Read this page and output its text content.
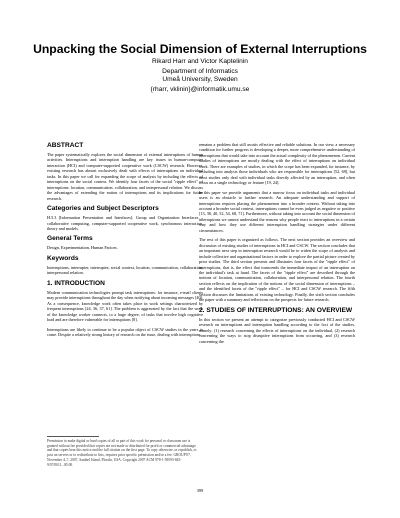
Unpacking the Social Dimension of External Interruptions
Rikard Harr and Victor Kaptelinin
Department of Informatics
Umeå University, Sweden
{rharr, vklinin}@informatik.umu.se
ABSTRACT

The paper systematically explores the social dimension of external interruptions of human activities. Interruptions and interruption handling are key issues in human-computer interaction (HCI) and computer-supported cooperative work (CSCW) research. However, existing research has almost exclusively dealt with effects of interruptions on individual tasks. In this paper we call for expanding the scope of analysis by including the effects of interruptions on the social context. We identify four facets of the social "ripple effect" of interruptions: location, communication, collaboration, and interpersonal relation. We discuss the advantages of extending the notion of interruptions and its implications for future research.

Categories and Subject Descriptors

H.5.3 [Information Presentation and Interfaces]: Group and Organization Interfaces – collaborative computing, computer-supported cooperative work, synchronous interaction, theory and models.

General Terms

Design, Experimentation, Human Factors.

Keywords

Interruptions, interrupter, interruptee, social context, location, communication, collaboration, interpersonal relation.

1. INTRODUCTION

Modern communication technologies prompt task interruptions: for instance, e-mail clients may provide interruptions throughout the day when notifying about incoming messages [40]. As a consequence, knowledge work often takes place in work settings characterized by frequent interruptions [24, 36, 37, 61]. The problem is aggravated by the fact that the work of the knowledge worker connects, to a large degree, of tasks that involve high cognitive load and are therefore vulnerable for interruptions [8].

Interruptions are likely to continue to be a popular object of CSCW studies in the years to come. Despite a relatively strong history of research on the issue, dealing with interruptions

Permission to make digital or hard copies of all or part of this work for personal or classroom use is granted without fee provided that copies are not made or distributed for profit or commercial advantage and that copies bear this notice and the full citation on the first page. To copy otherwise, or republish, to post on servers or to redistribute to lists, requires prior specific permission and/or a fee. GROUP'07, November 4–7, 2007, Sanibel Island, Florida, USA. Copyright 2007 ACM 978-1-59593-845-9/07/0011...$5.00.

remains a problem that still awaits effective and reliable solutions. In our view, a necessary condition for further progress is developing a deeper, more comprehensive understanding of interruptions that would take into account the actual complexity of the phenomenon. Current studies of interruptions are mostly dealing with the effect of interruptions on individual work. There are examples of studies, in which the scope has been expanded, for instance, by including into analysis those individuals who are responsible for interruptions [52, 69], but most studies only deal with individual tasks directly affected by an interruption, and often focus on a single technology or feature [19, 24].

In this paper we provide arguments that a narrow focus on individual tasks and individual users is an obstacle to further research. An adequate understanding and support of interruptions requires placing the phenomenon into a broader context. Without taking into account a broader social context, interruptions cannot be even judged as negative or positive [13, 38, 40, 52, 54, 68, 71]. Furthermore, without taking into account the social dimension of interruptions we cannot understand the reasons why people react to interruptions in a certain way and how they use different interruption handling strategies under different circumstances.

The rest of this paper is organized as follows. The next section provides an overview and discussion of existing studies of interruptions in HCI and CSCW. The section concludes that an important next step in interruption research would be to widen the scope of analysis and include collective and organizational factors in order to explore the partial picture created by prior studies. The third section presents and illustrates four facets of the "ripple effect" of interruptions, that is, the effect that transcends the immediate impact of an interruption on the individual's task at hand. The facets of the "ripple effect" are described through the notions of location, communication, collaboration, and interpersonal relation. The fourth section reflects on the implication of the notions of the social dimension of interruptions – and the identified facets of the "ripple effect" – for HCI and CSCW research. The fifth section discusses the limitations of existing technology. Finally, the sixth section concludes the paper with a summary and reflections on the prospects for future research.

2. STUDIES OF INTERRUPTIONS: AN OVERVIEW

In this section we present an attempt to categorize previously conducted HCI and CSCW research on interruptions and interruption handling according to the foci of the studies, namely: (1) research concerning the effects of interruptions on the individual, (2) research concerning the ways to stop disruptive interruptions from occurring, and (3) research concerning the

399
